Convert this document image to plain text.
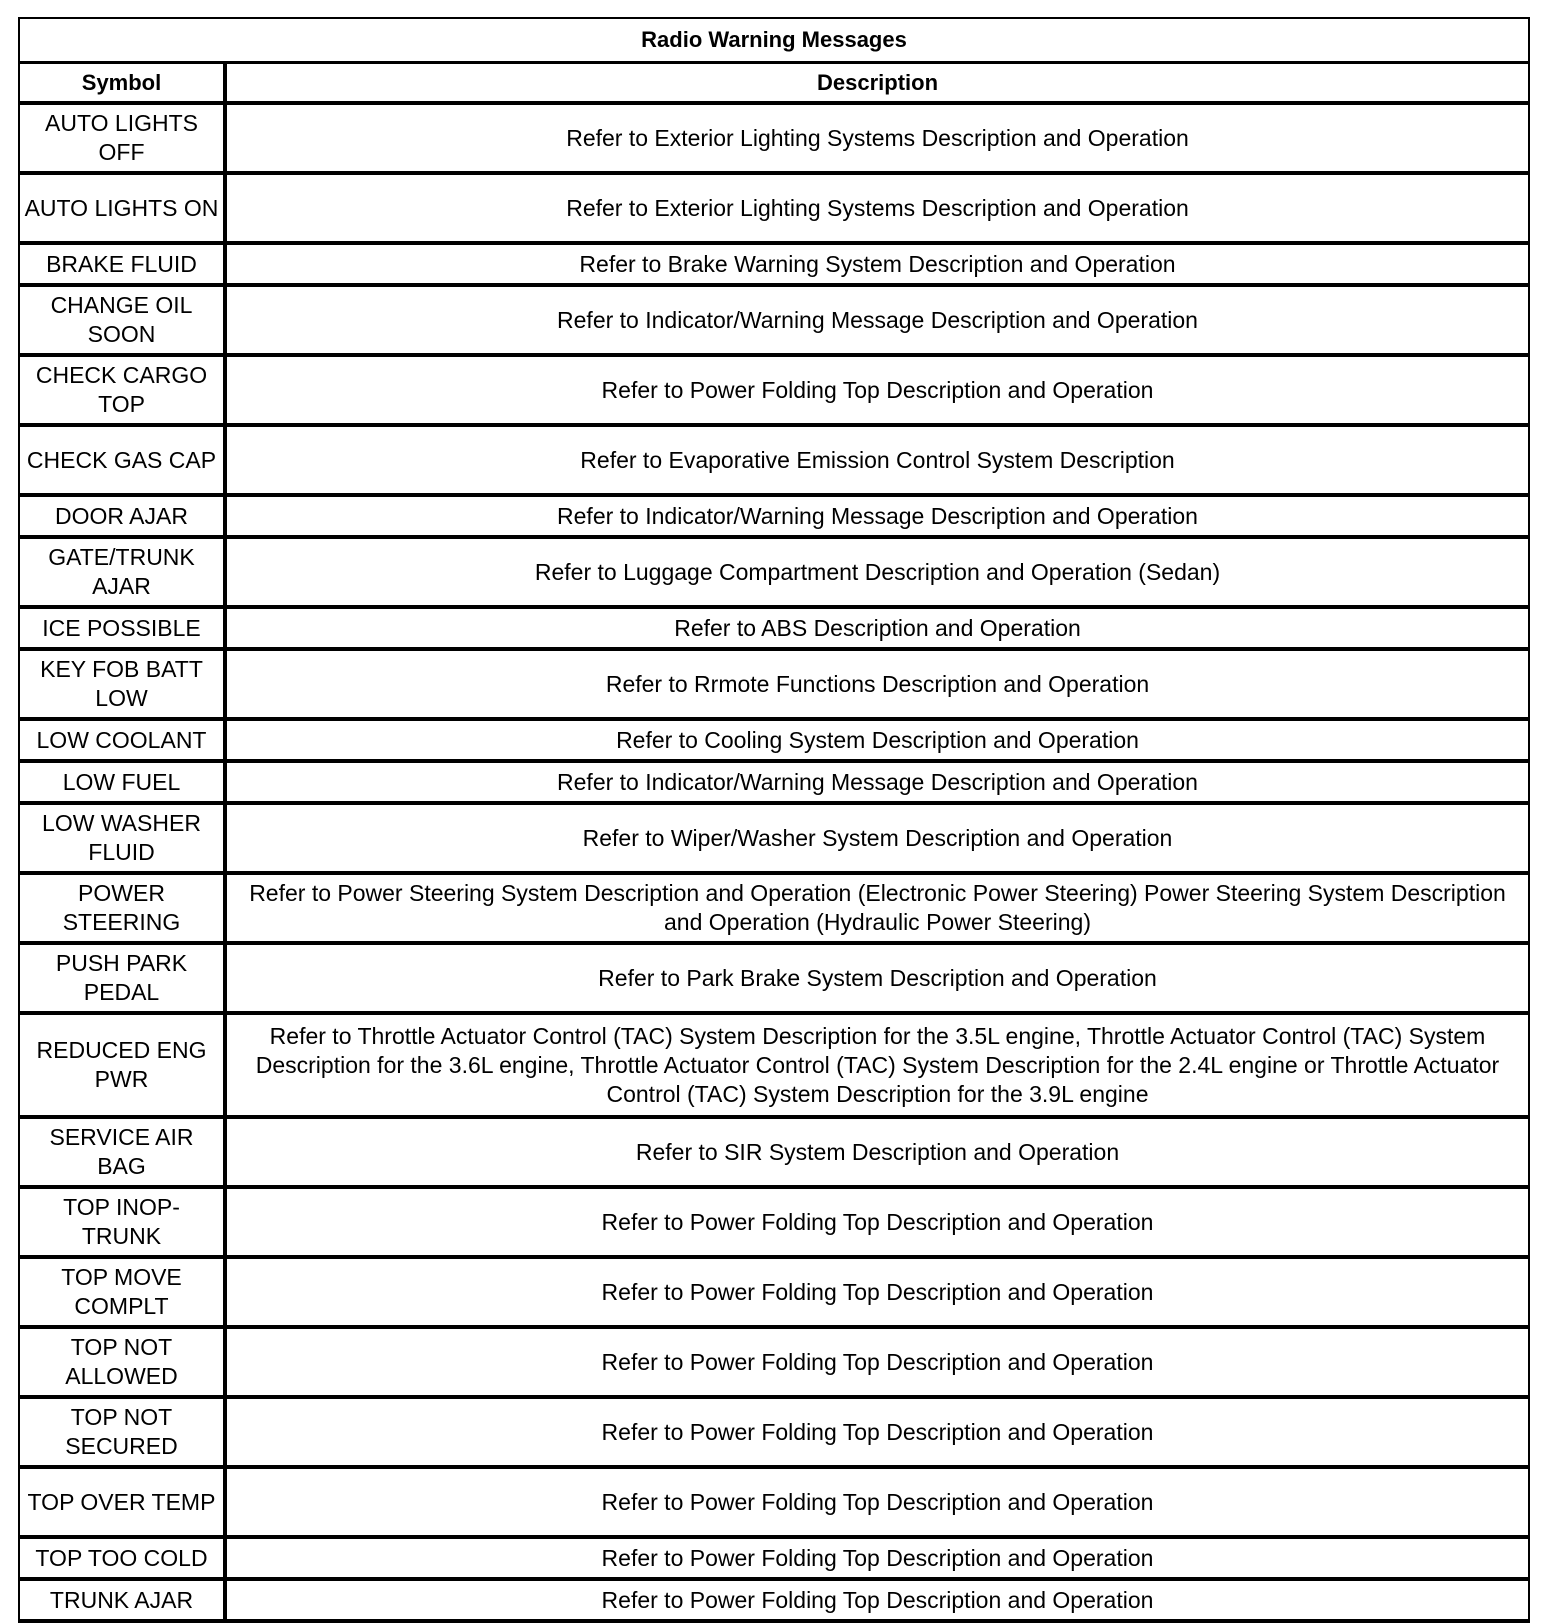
Radio Warning Messages	
Symbol	Description
AUTO LIGHTS OFF	Refer to Exterior Lighting Systems Description and Operation
AUTO LIGHTS ON	Refer to Exterior Lighting Systems Description and Operation
BRAKE FLUID	Refer to Brake Warning System Description and Operation
CHANGE OIL SOON	Refer to Indicator/Warning Message Description and Operation
CHECK CARGO TOP	Refer to Power Folding Top Description and Operation
CHECK GAS CAP	Refer to Evaporative Emission Control System Description
DOOR AJAR	Refer to Indicator/Warning Message Description and Operation
GATE/TRUNK AJAR	Refer to Luggage Compartment Description and Operation (Sedan)
ICE POSSIBLE	Refer to ABS Description and Operation
KEY FOB BATT LOW	Refer to Rrmote Functions Description and Operation
LOW COOLANT	Refer to Cooling System Description and Operation
LOW FUEL	Refer to Indicator/Warning Message Description and Operation
LOW WASHER FLUID	Refer to Wiper/Washer System Description and Operation
POWER STEERING	Refer to Power Steering System Description and Operation (Electronic Power Steering) Power Steering System Description and Operation (Hydraulic Power Steering)
PUSH PARK PEDAL	Refer to Park Brake System Description and Operation
REDUCED ENG PWR	Refer to Throttle Actuator Control (TAC) System Description for the 3.5L engine, Throttle Actuator Control (TAC) System Description for the 3.6L engine, Throttle Actuator Control (TAC) System Description for the 2.4L engine or Throttle Actuator Control (TAC) System Description for the 3.9L engine
SERVICE AIR BAG	Refer to SIR System Description and Operation
TOP INOP-TRUNK	Refer to Power Folding Top Description and Operation
TOP MOVE COMPLT	Refer to Power Folding Top Description and Operation
TOP NOT ALLOWED	Refer to Power Folding Top Description and Operation
TOP NOT SECURED	Refer to Power Folding Top Description and Operation
TOP OVER TEMP	Refer to Power Folding Top Description and Operation
TOP TOO COLD	Refer to Power Folding Top Description and Operation
TRUNK AJAR	Refer to Power Folding Top Description and Operation
